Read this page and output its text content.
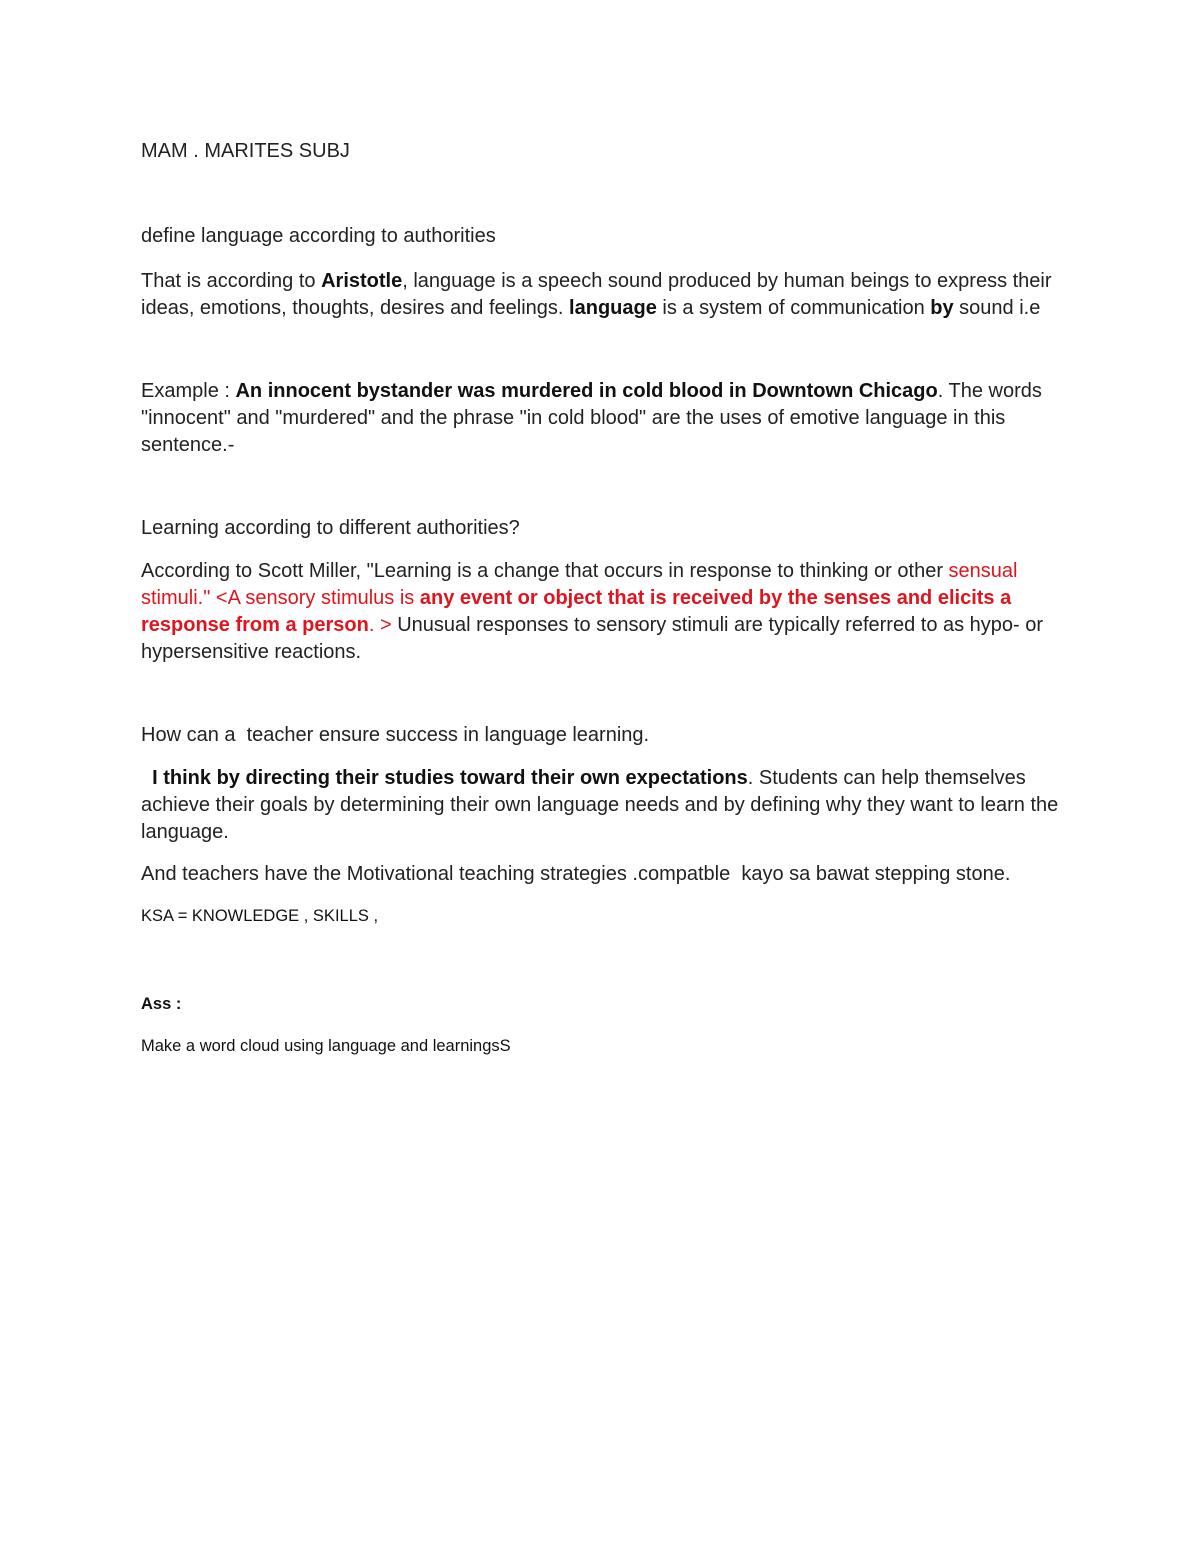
MAM . MARITES SUBJ

define language according to authorities

That is according to Aristotle, language is a speech sound produced by human beings to express their ideas, emotions, thoughts, desires and feelings. language is a system of communication by sound i.e

Example : An innocent bystander was murdered in cold blood in Downtown Chicago. The words "innocent" and "murdered" and the phrase "in cold blood" are the uses of emotive language in this sentence.-

Learning according to different authorities?

According to Scott Miller, "Learning is a change that occurs in response to thinking or other sensual stimuli." <A sensory stimulus is any event or object that is received by the senses and elicits a response from a person. > Unusual responses to sensory stimuli are typically referred to as hypo- or hypersensitive reactions.

How can a  teacher ensure success in language learning.

I think by directing their studies toward their own expectations. Students can help themselves achieve their goals by determining their own language needs and by defining why they want to learn the language.

And teachers have the Motivational teaching strategies .compatble  kayo sa bawat stepping stone.

KSA = KNOWLEDGE , SKILLS ,

Ass :

Make a word cloud using language and learningsS
